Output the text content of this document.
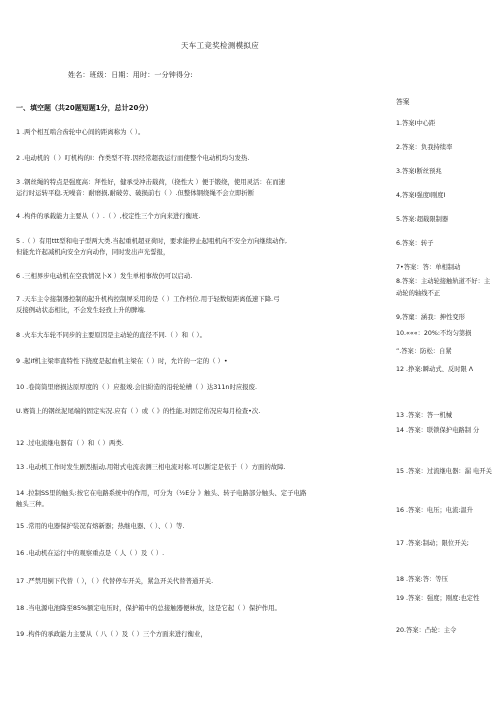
天车工竞奖检测模拟应
姓名：班级：日期：用时：一分钟得分:
一、填空题（共20题短题1分，总计20分）
1 .两个相互啮合齿轮中心间的距离称为（ ）。
2 .电动机的（ ）叮机构的I：作类型不符.因经常超我运行而使整个电动机均匀发热.
3 .钢丝绳的特点是强度高：拜性好，健承受冲击载荷，（挠性大 ）便于锻绕，使用灵活：在而速
运行时运转平稳.无噪音：耐磨损,耐破劳、破损前右（ ）.但整体钢绕绳不会立即折断
4 .构件的承载能力主要从（ ）.（ ）,校定性三个方向来进行衡班.
5 .（ ）有用ttt型和电子型两大类.当起重机超亚荷时，要求能停止起咀机向不安全方向继续动作,
但能允许起减机向安全方向动作，同时发出声光誓报，
6 .三相界步电动机在空我情况卜X ）发生单相事故仍可以启动.
7 .天车主令接制器控制的起升机构控制屏采用的是（ ）工作档位.用于轻数短距离低速下降.弓
反接例动状态相比，不会发生轻孜上升的脾端.
8 .火车大车轮不同步的主要原因是主动轮的直径不同.（ ）和（ ）。
9 .起if机主梁率直特性下挠度是起血机主梁在（ ）时，允许的一定的（ ）•
10 .卷筒筒里磨损达原厚度的（ ）应报竣.会旧紛造的沿轮轮槽（ ）达311n时应报废.
U.赛筒上的钢丝泥尾端的固定实况.应有（ ）或（ 》的性能,对固定佑况应每月检查•次.
12 .过电流继电器有（ ）和（ ）两类.
13 .电动机工作时发生剧烈振动,用钳式电流表测三相电流对称.可以断定是依于（ ）方面的故障.
14 .拉制SS里的触头:按它在电路系统中的作用，可分为（½E分 》触头、转子电路部分触头、定子电路
触头三种。
15 .常用的电器保护装况有熔新器；热继电器、（ ）、（ ）等.
16 .电动机在运行中的观察重点是（ 人（ ）及（ ）.
17 .严禁用倒下代替（ ），（ ）代替停车开关，紧急开关代替普通开关.
18 .当电源电池降至85%额定电压时，保护箱中的总接触器便林放，这是它起（ ）保护作用。
19 .构件的承政能力主要从（ 八（ ）及（ ）三个方面来进行衡业，
答案
1.答案Ⅰ中心距
2.答案：负我持续率
3.答案Ⅰ断丝预兆
4,答案Ⅰ强度Ⅰ刚度Ⅰ
5.答案:超载限制器
6.答案：转子
7•答案：答：单相制动
8.答案：主动轮接触轨道不好：主动轮的轴线不正
9,答窠：涵我：抻性变形
10.«««：20%:不均匀第损
”.答案：防松：自紧
12 .挣案:瞬动式、反时限 Λ
13 .答案：答一机械
14 .答案：联锁保护电路制 分
15 .答案：过流继电器：漏 电开关
16 .答案：电压；电流:温升
17 .答案:制动；限位开关;
18 .答案:答：等压
19 .答案：强度；刚度:也定性
20.答案：凸轮：主令
